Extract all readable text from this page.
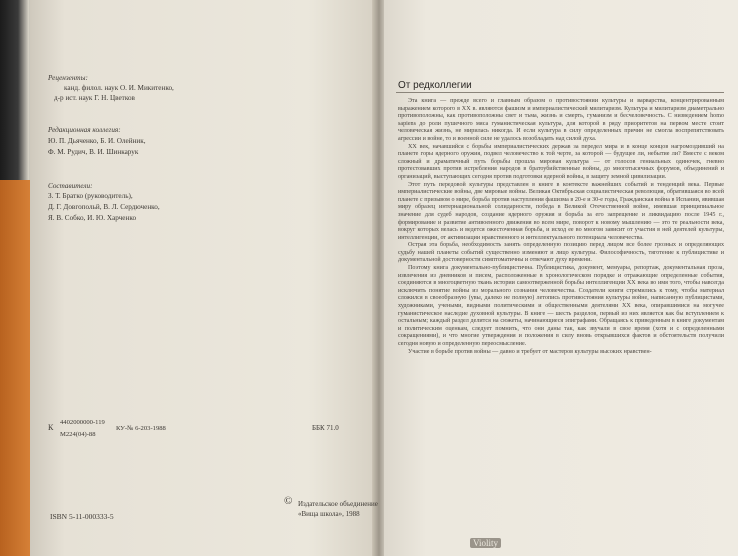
Рецензенты:
канд. филол. наук О. И. Микитенко,
д-р ист. наук Г. Н. Цветков
Редакционная коллегия:
Ю. П. Дьяченко, Б. И. Олейник,
Ф. М. Рудич, В. И. Шинкарук
Составители:
З. Т. Братко (руководитель),
Д. Г. Довгопольй, В. Л. Сердюченко,
Я. В. Собко, И. Ю. Харченко
К
4402000000-119
М224(04)-88
КУ-№ 6-203-1988	ББК 71.0
ISBN 5-11-000333-5
© Издательское объединение
«Вища школа», 1988
От редколлегии

Эта книга — прежде всего и главным образом о противостоянии культуры и варварства, концентрированным выражением которого в XX в. являются фашизм и империалистический милитаризм. Культура и милитаризм диаметрально противоположны, как противоположны свет и тьма, жизнь и смерть, гуманизм и бесчеловечность. С низведением homo sapiens до роли пушечного мяса гуманистическая культура, для которой в ряду приоритетов на первом месте стоит человеческая жизнь, не мирилась никогда. И если культура в силу определенных причин не смогла воспрепятствовать агрессии и войне, то и военной силе не удалось возобладать над силой духа.

XX век, начавшийся с борьбы империалистических держав за передел мира и в конце концов нагромоздивший на планете горы ядерного оружия, подвел человечество к той черте, за которой — будущее ли, небытие ли? Вместе с веком сложный и драматичный путь борьбы прошла мировая культура — от голосов гениальных одиночек, гневно протестовавших против истребления народов в братоубийственные войны, до многотысячных форумов, объединений и организаций, выступающих сегодня против подготовки ядерной войны, в защиту земной цивилизации.

Этот путь передовой культуры представлен в книге в контексте важнейших событий и тенденций века. Первые империалистические войны, две мировые войны. Великая Октябрьская социалистическая революция, обратившаяся во всей планете с призывом о мире, борьба против наступления фашизма в 20-е и 30-е годы, Гражданская война в Испании, явившая миру образец интернациональной солидарности, победа в Великой Отечественной войне, имевшая принципиальное значение для судеб народов, создание ядерного оружия и борьба за его запрещение и ликвидацию после 1945 г., формирование и развитие антивоенного движения во всем мире, поворот к новому мышлению — это те реальности века, вокруг которых велась и ведется ожесточенная борьба, и исход ее во многом зависит от участия в ней деятелей культуры, интеллигенции, от активизации нравственного и интеллектуального потенциала человечества.

Острая эта борьба, необходимость занять определенную позицию перед лицом все более грозных и определяющих судьбу нашей планеты событий существенно изменяют и лицо культуры. Философичность, тяготение к публицистике и документальной достоверности симптоматичны и отвечают духу времени.

Поэтому книга документально-публицистична. Публицистика, документ, мемуары, репортаж, документальная проза, извлечения из дневников и писем, расположенные в хронологическом порядке и отражающие определенные события, соединяются в многоцветную ткань истории самоотверженной борьбы интеллигенции XX века во имя того, чтобы навсегда исключить понятие войны из морального сознания человечества. Создатели книги стремились к тому, чтобы материал сложился в своеобразную (увы, далеко не полную) летопись противостояния культуры войне, написанную публицистами, художниками, учеными, видными политическими и общественными деятелями XX века, опиравшимися на могучее гуманистическое наследие духовной культуры. В книге — шесть разделов, первый из них является как бы вступлением к остальным; каждый раздел делится на сюжеты, начинающиеся эпиграфами. Обращаясь к приведенным в книге документам и политическим оценкам, следует помнить, что они даны так, как звучали в свое время (хотя и с определенными сокращениями), и что многие утверждения и положения в силу вновь открывшихся фактов и обстоятельств получили сегодня новую и определенную переосмысление.

Участие в борьбе против войны — давно и требует от мастеров культуры высоких нравствен-

Violity
